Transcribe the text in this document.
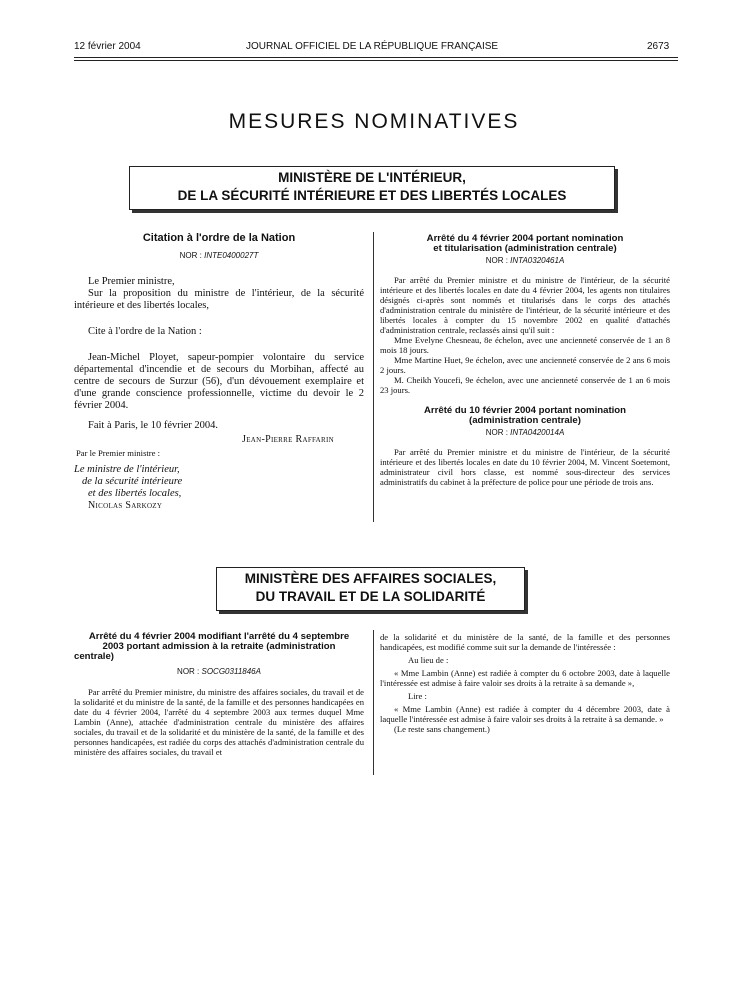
12 février 2004	JOURNAL OFFICIEL DE LA RÉPUBLIQUE FRANÇAISE	2673
MESURES NOMINATIVES
MINISTÈRE DE L'INTÉRIEUR,
DE LA SÉCURITÉ INTÉRIEURE ET DES LIBERTÉS LOCALES
Citation à l'ordre de la Nation
NOR : INTE0400027T

Le Premier ministre,

Sur la proposition du ministre de l'intérieur, de la sécurité intérieure et des libertés locales,

Cite à l'ordre de la Nation :

Jean-Michel Ployet, sapeur-pompier volontaire du service départemental d'incendie et de secours du Morbihan, affecté au centre de secours de Surzur (56), d'un dévouement exemplaire et d'une grande conscience professionnelle, victime du devoir le 2 février 2004.

Fait à Paris, le 10 février 2004.

Jean-Pierre Raffarin

Par le Premier ministre :

Le ministre de l'intérieur,

de la sécurité intérieure

et des libertés locales,

Nicolas Sarkozy

Arrêté du 4 février 2004 portant nomination
et titularisation (administration centrale)
NOR : INTA0320461A

Par arrêté du Premier ministre et du ministre de l'intérieur, de la sécurité intérieure et des libertés locales en date du 4 février 2004, les agents non titulaires désignés ci-après sont nommés et titularisés dans le corps des attachés d'administration centrale du ministère de l'intérieur, de la sécurité intérieure et des libertés locales à compter du 15 novembre 2002 en qualité d'attachés d'administration centrale, reclassés ainsi qu'il suit :

Mme Evelyne Chesneau, 8e échelon, avec une ancienneté conservée de 1 an 8 mois 18 jours.

Mme Martine Huet, 9e échelon, avec une ancienneté conservée de 2 ans 6 mois 2 jours.

M. Cheikh Youcefi, 9e échelon, avec une ancienneté conservée de 1 an 6 mois 23 jours.

Arrêté du 10 février 2004 portant nomination
(administration centrale)
NOR : INTA0420014A

Par arrêté du Premier ministre et du ministre de l'intérieur, de la sécurité intérieure et des libertés locales en date du 10 février 2004, M. Vincent Soetemont, administrateur civil hors classe, est nommé sous-directeur des services administratifs du cabinet à la préfecture de police pour une période de trois ans.

MINISTÈRE DES AFFAIRES SOCIALES,
DU TRAVAIL ET DE LA SOLIDARITÉ
Arrêté du 4 février 2004 modifiant l'arrêté du 4 septembre
2003 portant admission à la retraite (administration
centrale)
NOR : SOCG0311846A

Par arrêté du Premier ministre, du ministre des affaires sociales, du travail et de la solidarité et du ministre de la santé, de la famille et des personnes handicapées en date du 4 février 2004, l'arrêté du 4 septembre 2003 aux termes duquel Mme Lambin (Anne), attachée d'administration centrale du ministère des affaires sociales, du travail et de la solidarité et du ministère de la santé, de la famille et des personnes handicapées, est radiée du corps des attachés d'administration centrale du ministère des affaires sociales, du travail et

de la solidarité et du ministère de la santé, de la famille et des personnes handicapées, est modifié comme suit sur la demande de l'intéressée :

Au lieu de :

« Mme Lambin (Anne) est radiée à compter du 6 octobre 2003, date à laquelle l'intéressée est admise à faire valoir ses droits à la retraite à sa demande »,

Lire :

« Mme Lambin (Anne) est radiée à compter du 4 décembre 2003, date à laquelle l'intéressée est admise à faire valoir ses droits à la retraite à sa demande. »

(Le reste sans changement.)
